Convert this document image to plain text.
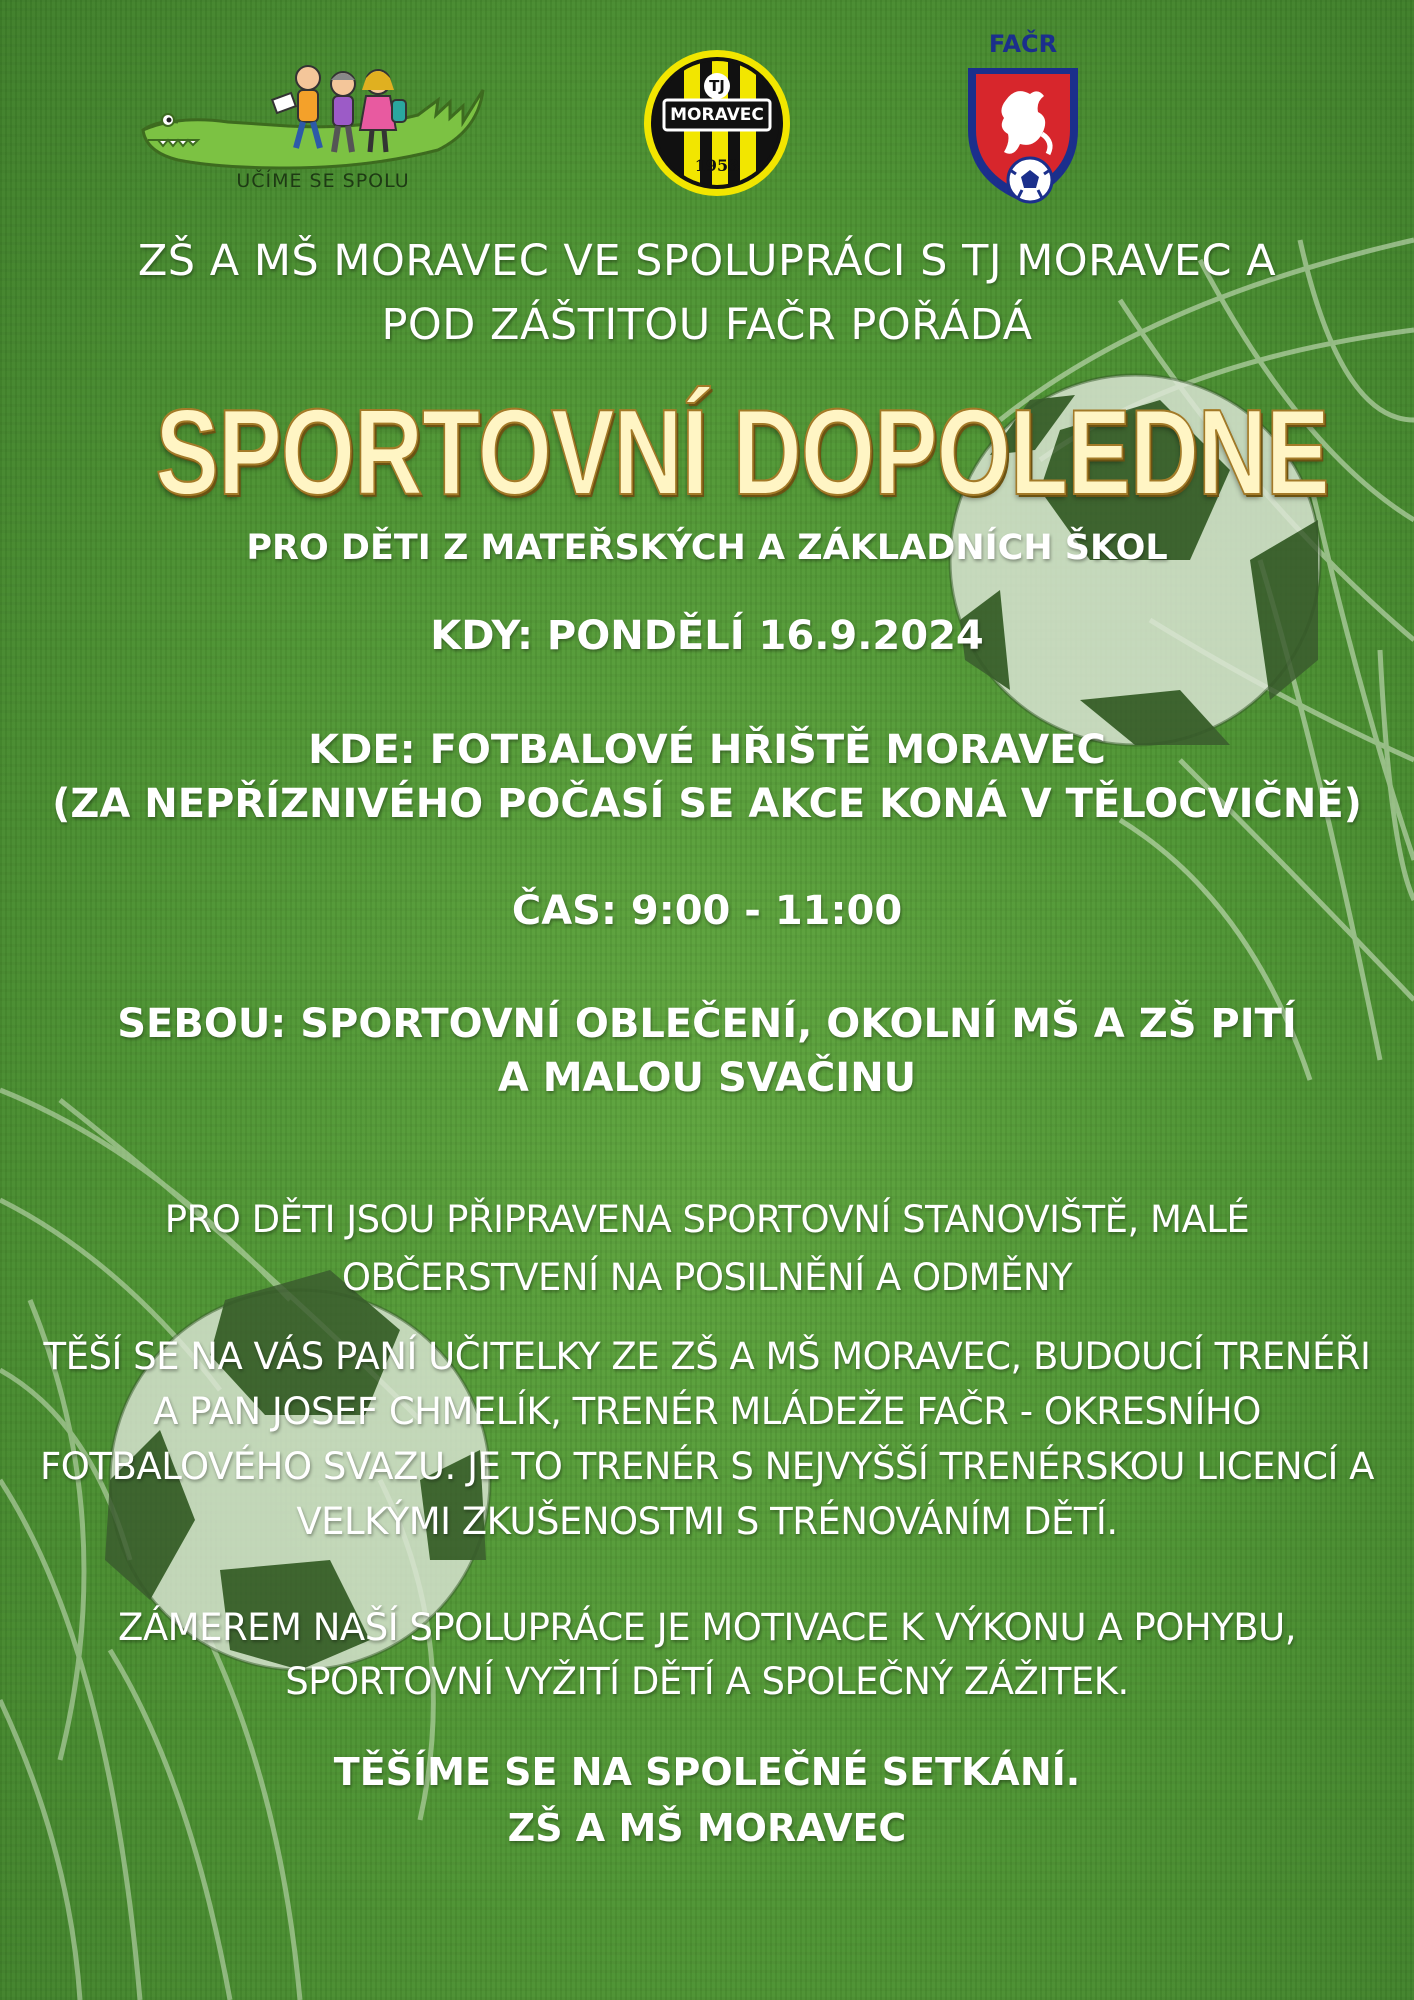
UČÍME SE SPOLU
TJ
MORAVEC
1953
FAČR
ZŠ A MŠ MORAVEC VE SPOLUPRÁCI S TJ MORAVEC A
POD ZÁŠTITOU FAČR POŘÁDÁ
SPORTOVNÍ DOPOLEDNE
PRO DĚTI Z MATEŘSKÝCH A ZÁKLADNÍCH ŠKOL
KDY: PONDĚLÍ 16.9.2024
KDE: FOTBALOVÉ HŘIŠTĚ MORAVEC
(ZA NEPŘÍZNIVÉHO POČASÍ SE AKCE KONÁ V TĚLOCVIČNĚ)
ČAS: 9:00 - 11:00
SEBOU: SPORTOVNÍ OBLEČENÍ, OKOLNÍ MŠ A ZŠ PITÍ
A MALOU SVAČINU
PRO DĚTI JSOU PŘIPRAVENA SPORTOVNÍ STANOVIŠTĚ, MALÉ
OBČERSTVENÍ NA POSILNĚNÍ A ODMĚNY
TĚŠÍ SE NA VÁS PANÍ UČITELKY ZE ZŠ A MŠ MORAVEC, BUDOUCÍ TRENÉŘI
A PAN JOSEF CHMELÍK, TRENÉR MLÁDEŽE FAČR - OKRESNÍHO
FOTBALOVÉHO SVAZU. JE TO TRENÉR S NEJVYŠŠÍ TRENÉRSKOU LICENCÍ A
VELKÝMI ZKUŠENOSTMI S TRÉNOVÁNÍM DĚTÍ.
ZÁMEREM NAŠÍ SPOLUPRÁCE JE MOTIVACE K VÝKONU A POHYBU,
SPORTOVNÍ VYŽITÍ DĚTÍ A SPOLEČNÝ ZÁŽITEK.
TĚŠÍME SE NA SPOLEČNÉ SETKÁNÍ.
ZŠ A MŠ MORAVEC
